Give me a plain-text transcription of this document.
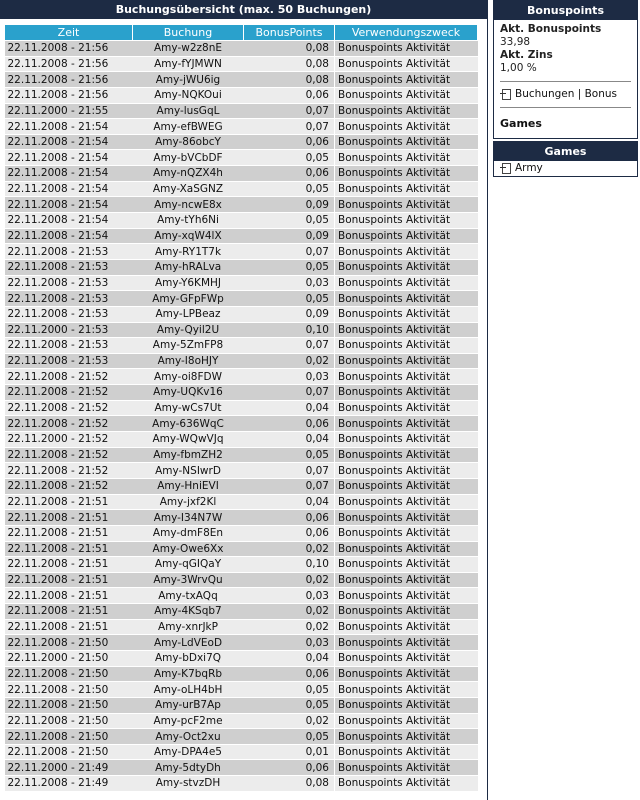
Buchungsübersicht (max. 50 Buchungen)
Zeit	Buchung	BonusPoints	Verwendungszweck
22.11.2008 - 21:56	Amy-w2z8nE	0,08	Bonuspoints Aktivität
22.11.2008 - 21:56	Amy-fYJMWN	0,08	Bonuspoints Aktivität
22.11.2008 - 21:56	Amy-jWU6ig	0,08	Bonuspoints Aktivität
22.11.2008 - 21:56	Amy-NQKOui	0,06	Bonuspoints Aktivität
22.11.2000 - 21:55	Amy-lusGqL	0,07	Bonuspoints Aktivität
22.11.2008 - 21:54	Amy-efBWEG	0,07	Bonuspoints Aktivität
22.11.2008 - 21:54	Amy-86obcY	0,06	Bonuspoints Aktivität
22.11.2008 - 21:54	Amy-bVCbDF	0,05	Bonuspoints Aktivität
22.11.2008 - 21:54	Amy-nQZX4h	0,06	Bonuspoints Aktivität
22.11.2008 - 21:54	Amy-XaSGNZ	0,05	Bonuspoints Aktivität
22.11.2008 - 21:54	Amy-ncwE8x	0,09	Bonuspoints Aktivität
22.11.2008 - 21:54	Amy-tYh6Ni	0,05	Bonuspoints Aktivität
22.11.2008 - 21:54	Amy-xqW4lX	0,09	Bonuspoints Aktivität
22.11.2008 - 21:53	Amy-RY1T7k	0,07	Bonuspoints Aktivität
22.11.2008 - 21:53	Amy-hRALva	0,05	Bonuspoints Aktivität
22.11.2008 - 21:53	Amy-Y6KMHJ	0,03	Bonuspoints Aktivität
22.11.2008 - 21:53	Amy-GFpFWp	0,05	Bonuspoints Aktivität
22.11.2008 - 21:53	Amy-LPBeaz	0,09	Bonuspoints Aktivität
22.11.2000 - 21:53	Amy-Qyil2U	0,10	Bonuspoints Aktivität
22.11.2008 - 21:53	Amy-5ZmFP8	0,07	Bonuspoints Aktivität
22.11.2008 - 21:53	Amy-I8oHJY	0,02	Bonuspoints Aktivität
22.11.2008 - 21:52	Amy-oi8FDW	0,03	Bonuspoints Aktivität
22.11.2008 - 21:52	Amy-UQKv16	0,07	Bonuspoints Aktivität
22.11.2008 - 21:52	Amy-wCs7Ut	0,04	Bonuspoints Aktivität
22.11.2008 - 21:52	Amy-636WqC	0,06	Bonuspoints Aktivität
22.11.2000 - 21:52	Amy-WQwVJq	0,04	Bonuspoints Aktivität
22.11.2008 - 21:52	Amy-fbmZH2	0,05	Bonuspoints Aktivität
22.11.2008 - 21:52	Amy-NSIwrD	0,07	Bonuspoints Aktivität
22.11.2008 - 21:52	Amy-HniEVI	0,07	Bonuspoints Aktivität
22.11.2008 - 21:51	Amy-jxf2Kl	0,04	Bonuspoints Aktivität
22.11.2008 - 21:51	Amy-I34N7W	0,06	Bonuspoints Aktivität
22.11.2008 - 21:51	Amy-dmF8En	0,06	Bonuspoints Aktivität
22.11.2008 - 21:51	Amy-Owe6Xx	0,02	Bonuspoints Aktivität
22.11.2008 - 21:51	Amy-qGIQaY	0,10	Bonuspoints Aktivität
22.11.2008 - 21:51	Amy-3WrvQu	0,02	Bonuspoints Aktivität
22.11.2008 - 21:51	Amy-txAQq	0,03	Bonuspoints Aktivität
22.11.2008 - 21:51	Amy-4KSqb7	0,02	Bonuspoints Aktivität
22.11.2008 - 21:51	Amy-xnrJkP	0,02	Bonuspoints Aktivität
22.11.2008 - 21:50	Amy-LdVEoD	0,03	Bonuspoints Aktivität
22.11.2000 - 21:50	Amy-bDxi7Q	0,04	Bonuspoints Aktivität
22.11.2008 - 21:50	Amy-K7bqRb	0,06	Bonuspoints Aktivität
22.11.2008 - 21:50	Amy-oLH4bH	0,05	Bonuspoints Aktivität
22.11.2008 - 21:50	Amy-urB7Ap	0,05	Bonuspoints Aktivität
22.11.2008 - 21:50	Amy-pcF2me	0,02	Bonuspoints Aktivität
22.11.2008 - 21:50	Amy-Oct2xu	0,05	Bonuspoints Aktivität
22.11.2008 - 21:50	Amy-DPA4e5	0,01	Bonuspoints Aktivität
22.11.2000 - 21:49	Amy-5dtyDh	0,06	Bonuspoints Aktivität
22.11.2008 - 21:49	Amy-stvzDH	0,08	Bonuspoints Aktivität
Bonuspoints
Akt. Bonuspoints
33,98
Akt. Zins
1,00 %
Buchungen | Bonus
Games
Games
Army
